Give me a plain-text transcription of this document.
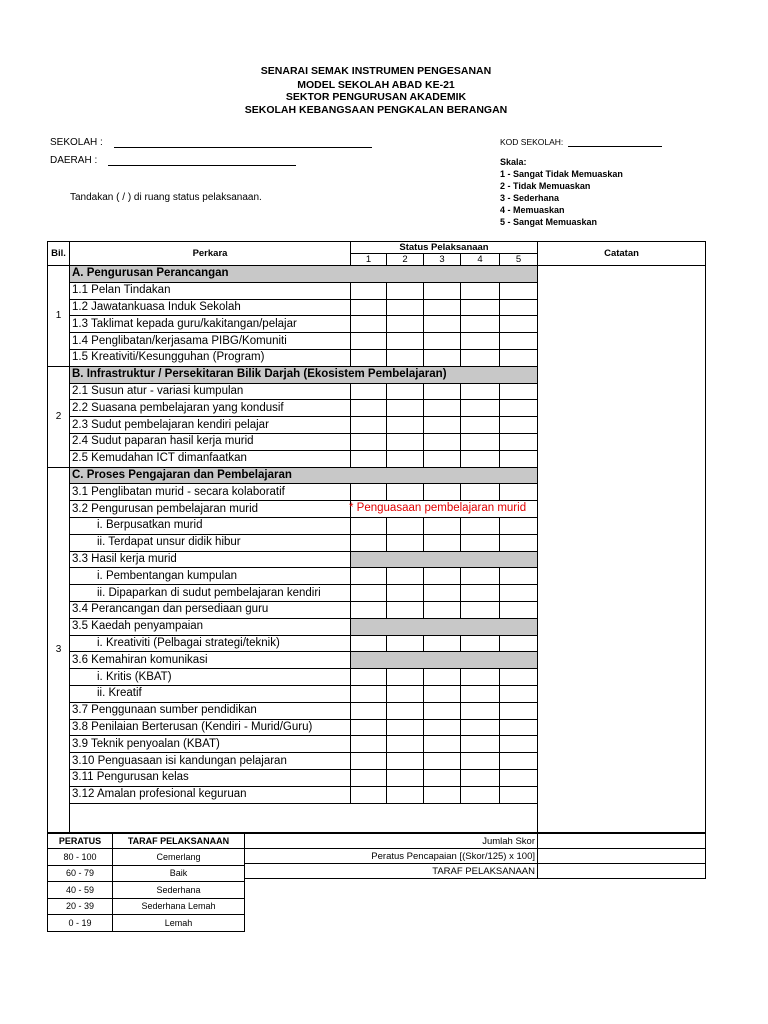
SENARAI SEMAK INSTRUMEN PENGESANAN
MODEL SEKOLAH ABAD KE-21
SEKTOR PENGURUSAN AKADEMIK
SEKOLAH KEBANGSAAN PENGKALAN BERANGAN
SEKOLAH :
DAERAH :
KOD SEKOLAH:
Skala:
1 - Sangat Tidak Memuaskan
2 - Tidak Memuaskan
3 - Sederhana
4 - Memuaskan
5 - Sangat Memuaskan
Tandakan ( / ) di ruang status pelaksanaan.
Bil.	Perkara	Status Pelaksanaan					Catatan
		1	2	3	4	5	
1	A. Pengurusan Perancangan						
	1.1 Pelan Tindakan						
	1.2 Jawatankuasa Induk Sekolah						
	1.3 Taklimat kepada guru/kakitangan/pelajar						
	1.4 Penglibatan/kerjasama PIBG/Komuniti						
	1.5 Kreativiti/Kesungguhan (Program)						
2	B. Infrastruktur / Persekitaran Bilik Darjah (Ekosistem Pembelajaran)						
	2.1 Susun atur - variasi kumpulan						
	2.2 Suasana pembelajaran yang kondusif						
	2.3 Sudut pembelajaran kendiri pelajar						
	2.4 Sudut paparan hasil kerja murid						
	2.5 Kemudahan ICT dimanfaatkan						
3	C. Proses Pengajaran dan Pembelajaran						
	3.1 Penglibatan murid - secara kolaboratif						
	3.2 Pengurusan pembelajaran murid	* Penguasaan pembelajaran murid					

	i. Berpusatkan murid						
	ii. Terdapat unsur didik hibur						
	3.3 Hasil kerja murid						
	i. Pembentangan kumpulan						
	ii. Dipaparkan di sudut pembelajaran kendiri						
	3.4 Perancangan dan persediaan guru						
	3.5 Kaedah penyampaian						
	i. Kreativiti (Pelbagai strategi/teknik)						
	3.6 Kemahiran komunikasi						
	i. Kritis (KBAT)						
	ii. Kreatif						
	3.7 Penggunaan sumber pendidikan						
	3.8 Penilaian Berterusan (Kendiri - Murid/Guru)						
	3.9 Teknik penyoalan (KBAT)						
	3.10 Penguasaan isi kandungan pelajaran						
	3.11 Pengurusan kelas						
	3.12 Amalan profesional keguruan						

PERATUS	TARAF PELAKSANAAN
80 - 100	Cemerlang
60 - 79	Baik
40 - 59	Sederhana
20 - 39	Sederhana Lemah
0 - 19	Lemah
Jumlah Skor	
Peratus Pencapaian [(Skor/125) x 100]	
TARAF PELAKSANAAN	
